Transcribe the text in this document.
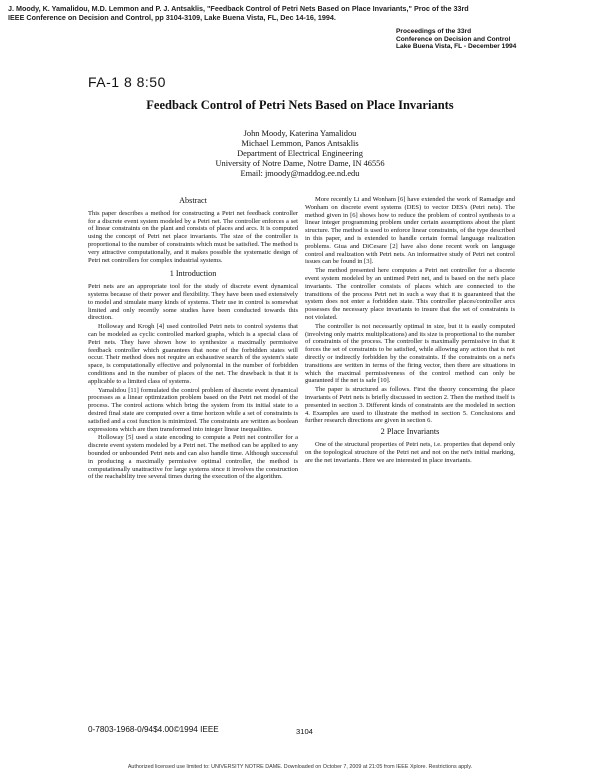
J. Moody, K. Yamalidou, M.D. Lemmon and P. J. Antsaklis, "Feedback Control of Petri Nets Based on Place Invariants," Proc of the 33rd IEEE Conference on Decision and Control, pp 3104-3109, Lake Buena Vista, FL, Dec 14-16, 1994.
Proceedings of the 33rd
Conference on Decision and Control
Lake Buena Vista, FL - December 1994
FA-1 8 8:50
Feedback Control of Petri Nets Based on Place Invariants
John Moody, Katerina Yamalidou
Michael Lemmon, Panos Antsaklis
Department of Electrical Engineering
University of Notre Dame, Notre Dame, IN 46556
Email: jmoody@maddog.ee.nd.edu
Abstract

This paper describes a method for constructing a Petri net feedback controller for a discrete event system modeled by a Petri net. The controller enforces a set of linear constraints on the plant and consists of places and arcs. It is computed using the concept of Petri net place invariants. The size of the controller is proportional to the number of constraints which must be satisfied. The method is very attractive computationally, and it makes possible the systematic design of Petri net controllers for complex industrial systems.

1 Introduction

Petri nets are an appropriate tool for the study of discrete event dynamical systems because of their power and flexibility. They have been used extensively to model and simulate many kinds of systems. Their use in control is somewhat limited and only recently some studies have been conducted towards this direction.

Holloway and Krogh [4] used controlled Petri nets to control systems that can be modeled as cyclic controlled marked graphs, which is a special class of Petri nets. They have shown how to synthesize a maximally permissive feedback controller which guarantees that none of the forbidden states will occur. Their method does not require an exhaustive search of the system's state space, is computationally effective and polynomial in the number of forbidden conditions and in the number of places of the net. The drawback is that it is applicable to a limited class of systems.

Yamalidou [11] formulated the control problem of discrete event dynamical processes as a linear optimization problem based on the Petri net model of the process. The control actions which bring the system from its initial state to a desired final state are computed over a time horizon while a set of constraints is satisfied and a cost function is minimized. The constraints are written as boolean expressions which are then transformed into integer linear inequalities.

Holloway [5] used a state encoding to compute a Petri net controller for a discrete event system modeled by a Petri net. The method can be applied to any bounded or unbounded Petri nets and can also handle time. Although successful in producing a maximally permissive optimal controller, the method is computationally unattractive for large systems since it involves the construction of the reachability tree several times during the execution of the algorithm.

More recently Li and Wonham [6] have extended the work of Ramadge and Wonham on discrete event systems (DES) to vector DES's (Petri nets). The method given in [6] shows how to reduce the problem of control synthesis to a linear integer programming problem under certain assumptions about the plant structure. The method is used to enforce linear constraints, of the type described in this paper, and is extended to handle certain formal language realization problems. Giua and DiCesare [2] have also done recent work on language control and realization with Petri nets. An informative study of Petri net control issues can be found in [3].

The method presented here computes a Petri net controller for a discrete event system modeled by an untimed Petri net, and is based on the net's place invariants. The controller consists of places which are connected to the transitions of the process Petri net in such a way that it is guaranteed that the system does not enter a forbidden state. This controller places/controller arcs possesses the necessary place invariants to insure that the set of constraints is not violated.

The controller is not necessarily optimal in size, but it is easily computed (involving only matrix multiplications) and its size is proportional to the number of constraints of the process. The controller is maximally permissive in that it forces the set of constraints to be satisfied, while allowing any action that is not directly or indirectly forbidden by the constraints. If the constraints on a net's transitions are written in terms of the firing vector, then there are situations in which the maximal permissiveness of the control method can only be guaranteed if the net is safe [10].

The paper is structured as follows. First the theory concerning the place invariants of Petri nets is briefly discussed in section 2. Then the method itself is presented in section 3. Different kinds of constraints are the modeled in section 4. Examples are used to illustrate the method in section 5. Conclusions and further research directions are given in section 6.

2 Place Invariants

One of the structural properties of Petri nets, i.e. properties that depend only on the topological structure of the Petri net and not on the net's initial marking, are the net invariants. Here we are interested in place invariants.

0-7803-1968-0/94$4.00©1994 IEEE	3104
Authorized licensed use limited to: UNIVERSITY NOTRE DAME. Downloaded on October 7, 2009 at 21:05 from IEEE Xplore. Restrictions apply.
